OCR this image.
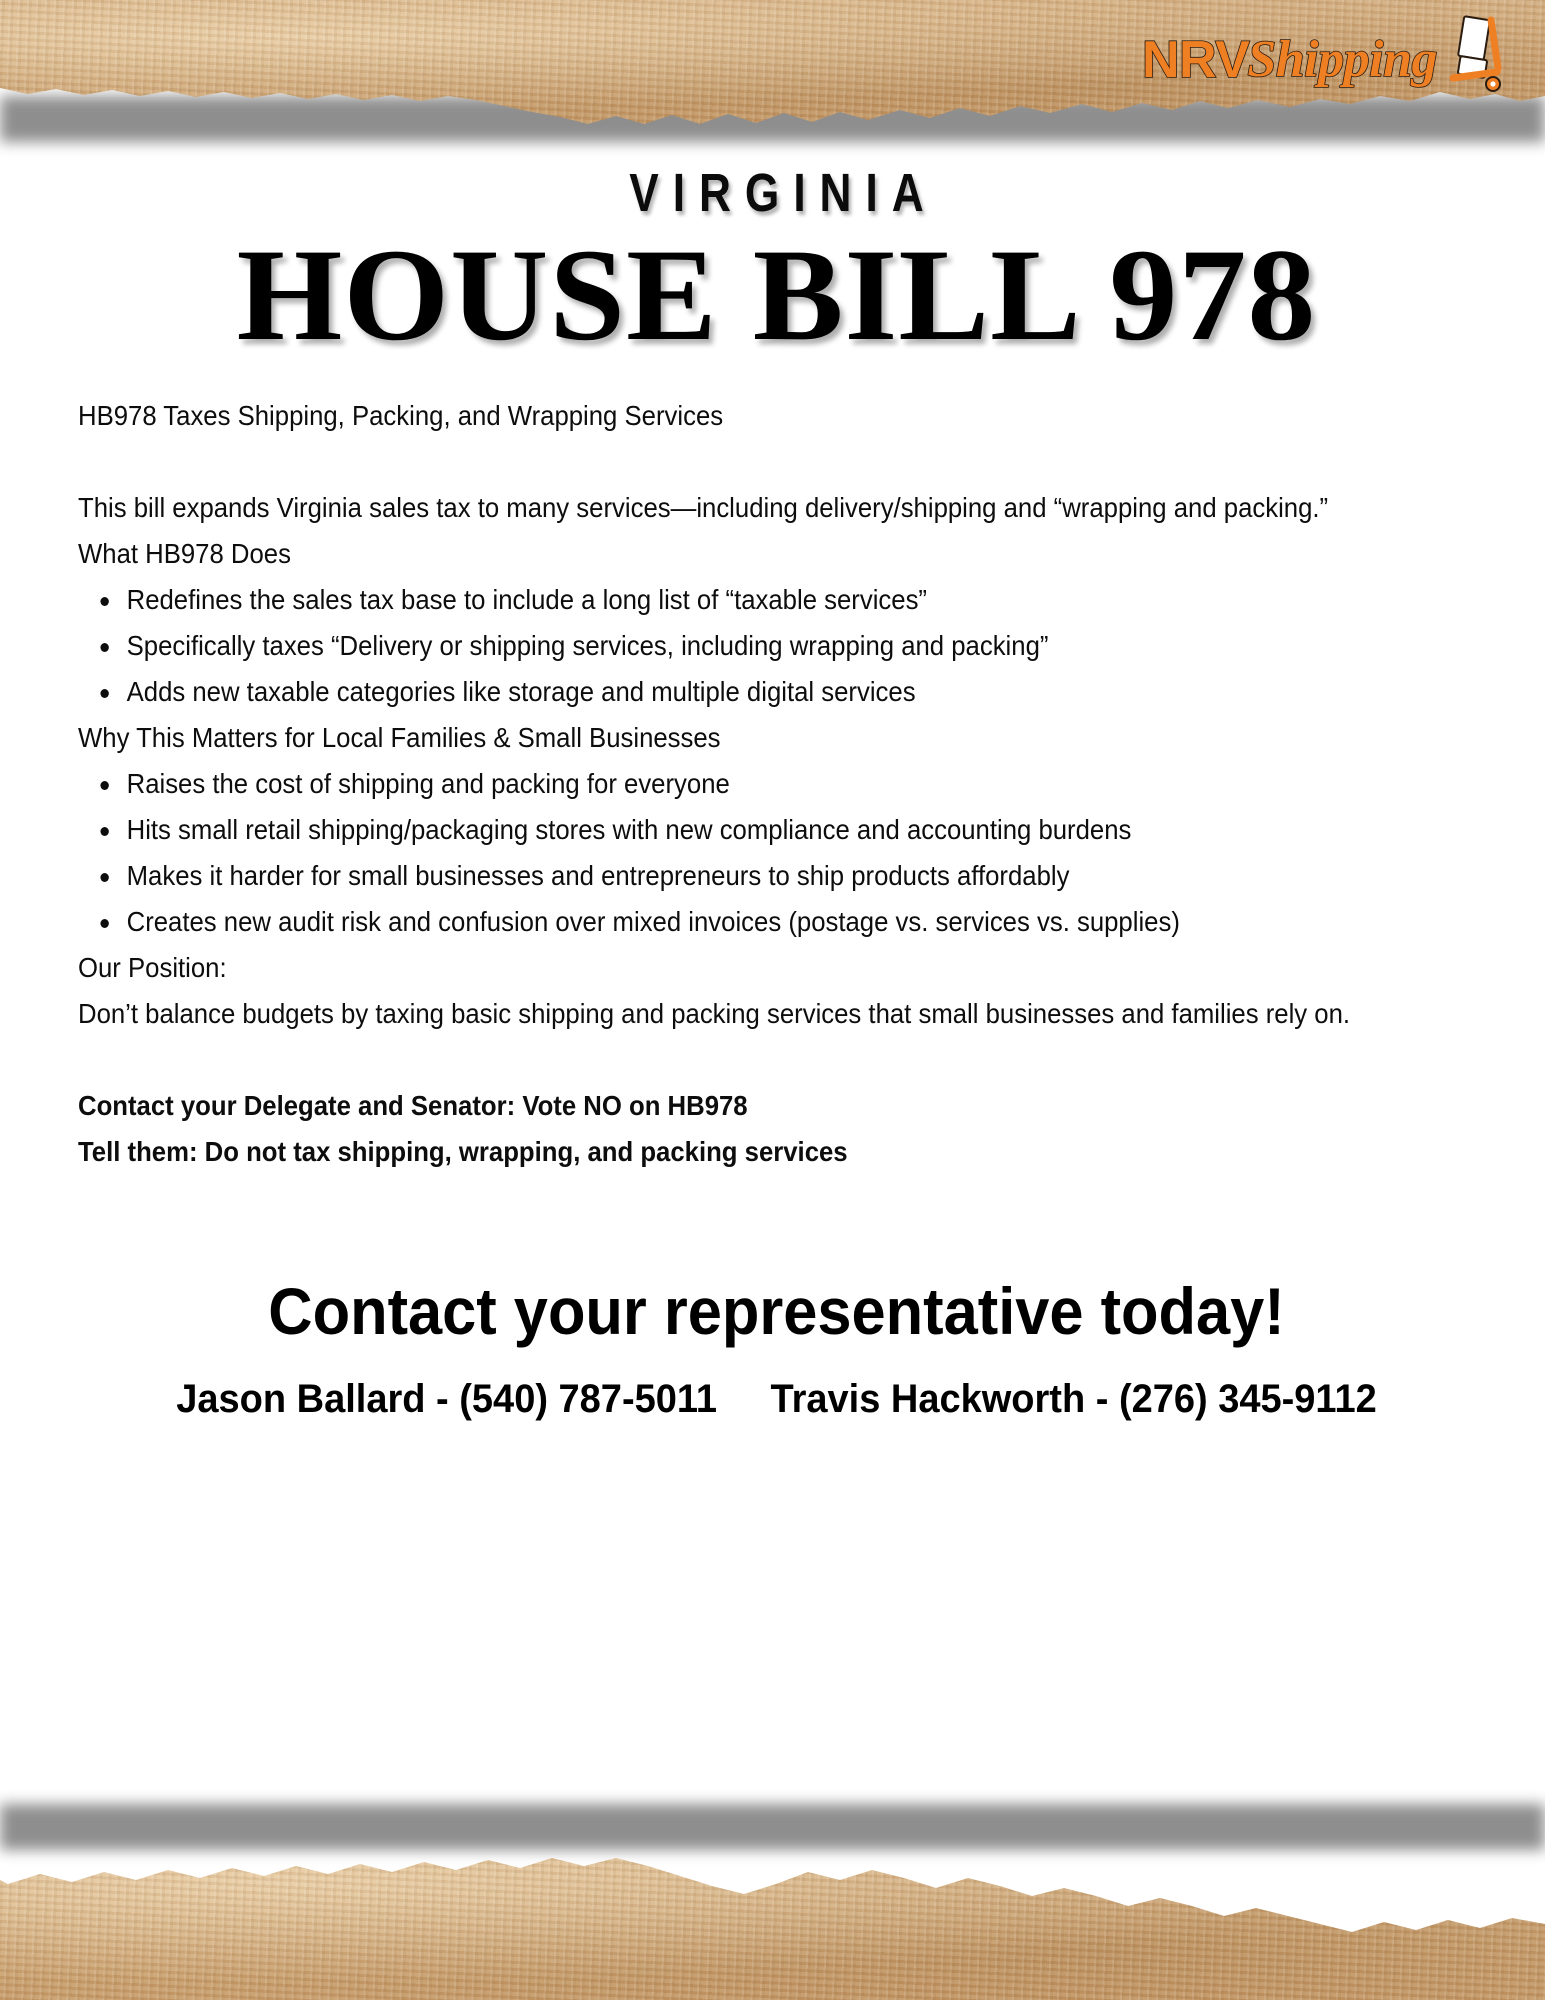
NRV
Shipping
VIRGINIA
HOUSE BILL 978

HB978 Taxes Shipping, Packing, and Wrapping Services

This bill expands Virginia sales tax to many services—including delivery/shipping and “wrapping and packing.”

What HB978 Does

Redefines the sales tax base to include a long list of “taxable services”
Specifically taxes “Delivery or shipping services, including wrapping and packing”
Adds new taxable categories like storage and multiple digital services

Why This Matters for Local Families & Small Businesses

Raises the cost of shipping and packing for everyone
Hits small retail shipping/packaging stores with new compliance and accounting burdens
Makes it harder for small businesses and entrepreneurs to ship products affordably
Creates new audit risk and confusion over mixed invoices (postage vs. services vs. supplies)

Our Position:

Don’t balance budgets by taxing basic shipping and packing services that small businesses and families rely on.

Contact your Delegate and Senator: Vote NO on HB978

Tell them: Do not tax shipping, wrapping, and packing services

Contact your representative today!
Jason Ballard - (540) 787-5011 Travis Hackworth - (276) 345-9112
